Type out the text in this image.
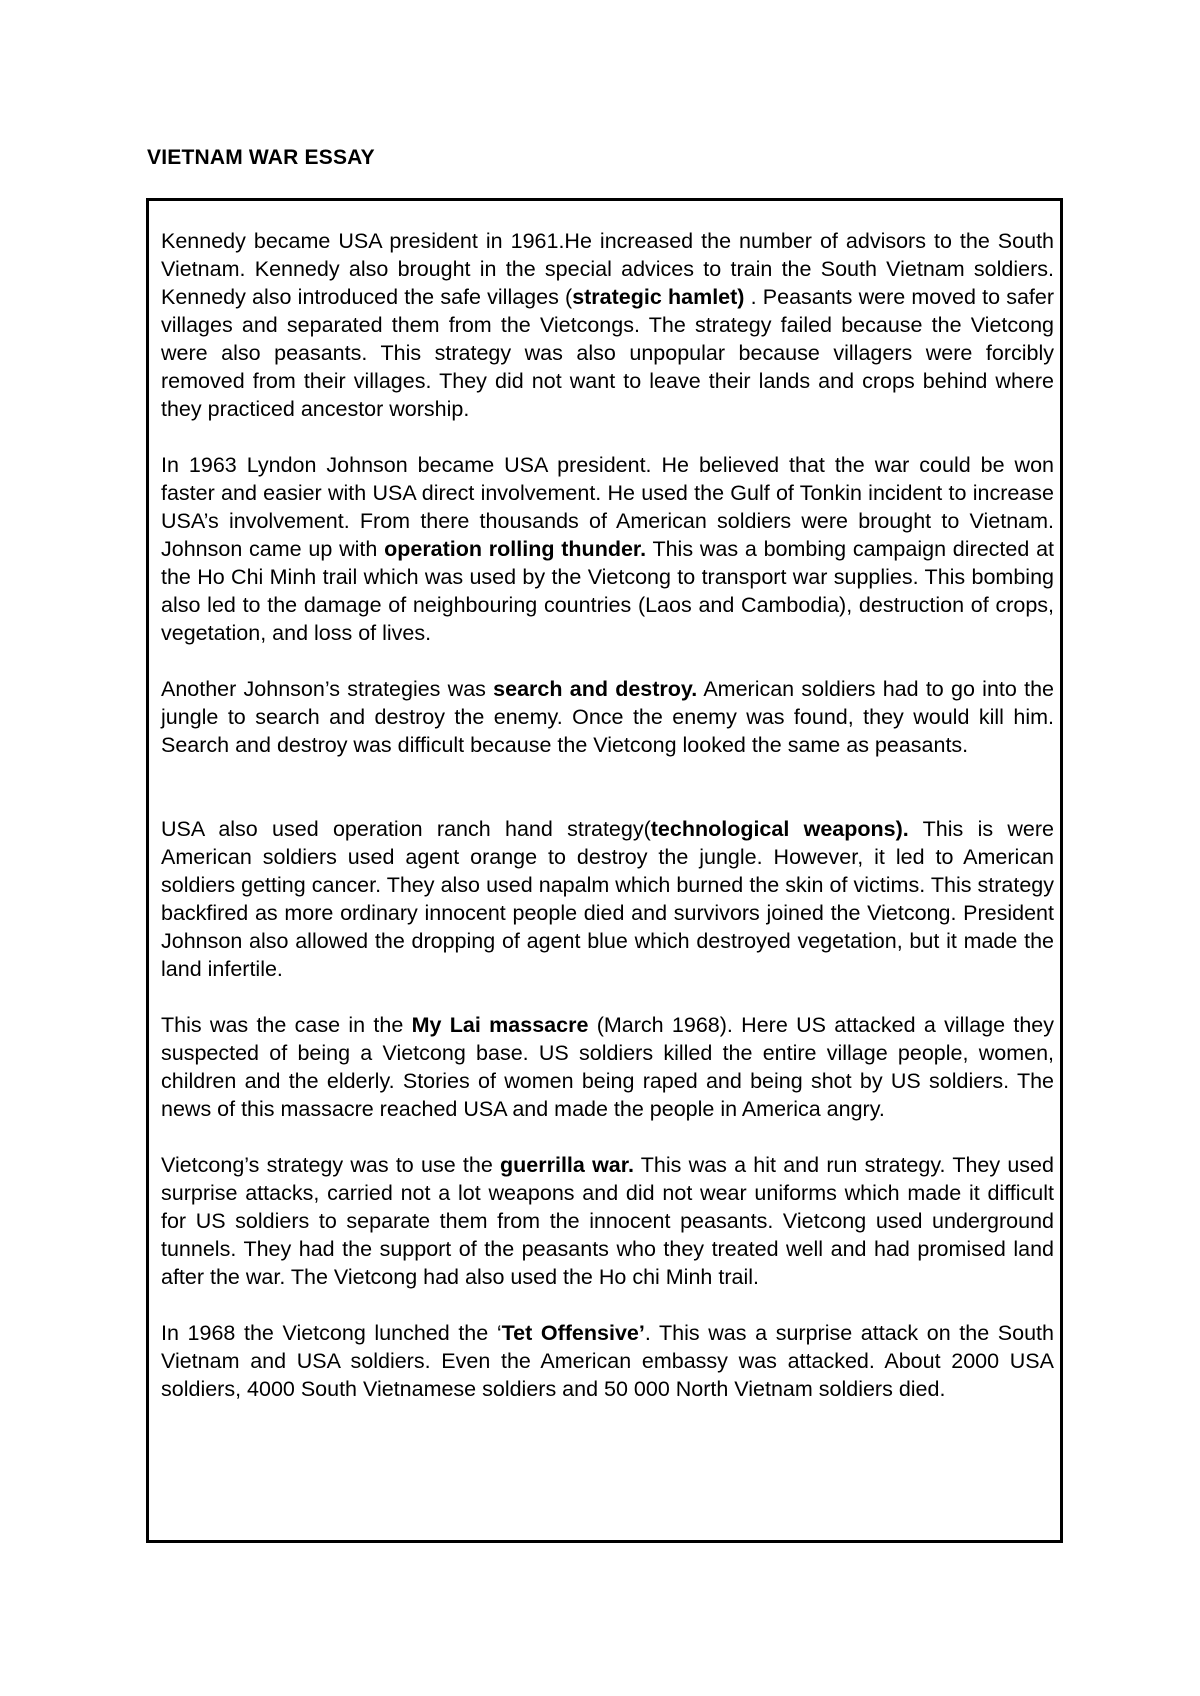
VIETNAM WAR ESSAY

Kennedy became USA president in 1961.He increased the number of advisors to the South Vietnam. Kennedy also brought in the special advices to train the South Vietnam soldiers. Kennedy also introduced the safe villages (strategic hamlet) . Peasants were moved to safer villages and separated them from the Vietcongs. The strategy failed because the Vietcong were also peasants. This strategy was also unpopular because villagers were forcibly removed from their villages. They did not want to leave their lands and crops behind where they practiced ancestor worship.

In 1963 Lyndon Johnson became USA president. He believed that the war could be won faster and easier with USA direct involvement. He used the Gulf of Tonkin incident to increase USA’s involvement. From there thousands of American soldiers were brought to Vietnam. Johnson came up with operation rolling thunder. This was a bombing campaign directed at the Ho Chi Minh trail which was used by the Vietcong to transport war supplies. This bombing also led to the damage of neighbouring countries (Laos and Cambodia), destruction of crops, vegetation, and loss of lives.

Another Johnson’s strategies was search and destroy. American soldiers had to go into the jungle to search and destroy the enemy. Once the enemy was found, they would kill him. Search and destroy was difficult because the Vietcong looked the same as peasants.

USA also used operation ranch hand strategy(technological weapons). This is were American soldiers used agent orange to destroy the jungle. However, it led to American soldiers getting cancer. They also used napalm which burned the skin of victims. This strategy backfired as more ordinary innocent people died and survivors joined the Vietcong. President Johnson also allowed the dropping of agent blue which destroyed vegetation, but it made the land infertile.

This was the case in the My Lai massacre (March 1968). Here US attacked a village they suspected of being a Vietcong base. US soldiers killed the entire village people, women, children and the elderly. Stories of women being raped and being shot by US soldiers. The news of this massacre reached USA and made the people in America angry.

Vietcong’s strategy was to use the guerrilla war. This was a hit and run strategy. They used surprise attacks, carried not a lot weapons and did not wear uniforms which made it difficult for US soldiers to separate them from the innocent peasants. Vietcong used underground tunnels. They had the support of the peasants who they treated well and had promised land after the war. The Vietcong had also used the Ho chi Minh trail.

In 1968 the Vietcong lunched the ‘Tet Offensive’. This was a surprise attack on the South Vietnam and USA soldiers. Even the American embassy was attacked. About 2000 USA soldiers, 4000 South Vietnamese soldiers and 50 000 North Vietnam soldiers died.
